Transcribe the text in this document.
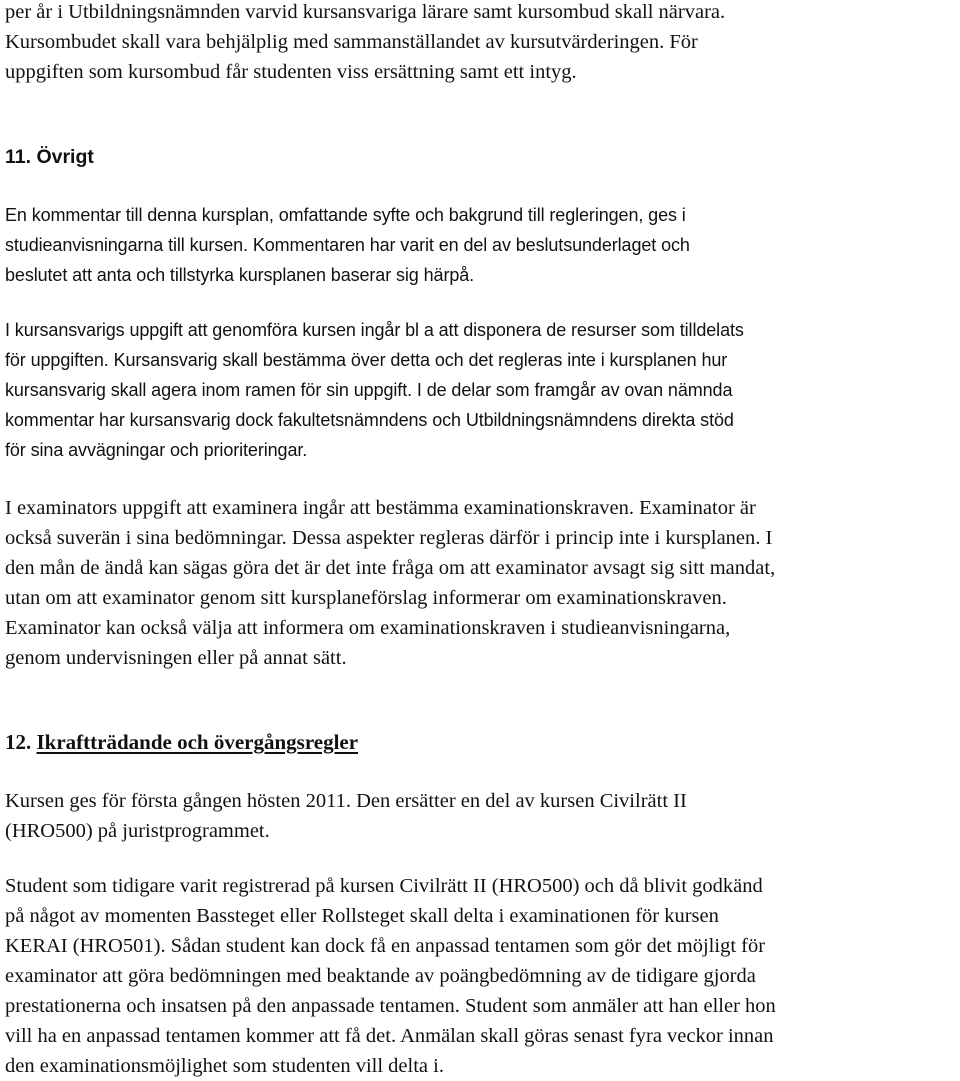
per år i Utbildningsnämnden varvid kursansvariga lärare samt kursombud skall närvara.
Kursombudet skall vara behjälplig med sammanställandet av kursutvärderingen. För
uppgiften som kursombud får studenten viss ersättning samt ett intyg.
11. Övrigt
En kommentar till denna kursplan, omfattande syfte och bakgrund till regleringen, ges i
studieanvisningarna till kursen. Kommentaren har varit en del av beslutsunderlaget och
beslutet att anta och tillstyrka kursplanen baserar sig härpå.
I kursansvarigs uppgift att genomföra kursen ingår bl a att disponera de resurser som tilldelats
för uppgiften. Kursansvarig skall bestämma över detta och det regleras inte i kursplanen hur
kursansvarig skall agera inom ramen för sin uppgift. I de delar som framgår av ovan nämnda
kommentar har kursansvarig dock fakultetsnämndens och Utbildningsnämndens direkta stöd
för sina avvägningar och prioriteringar.
I examinators uppgift att examinera ingår att bestämma examinationskraven. Examinator är
också suverän i sina bedömningar. Dessa aspekter regleras därför i princip inte i kursplanen. I
den mån de ändå kan sägas göra det är det inte fråga om att examinator avsagt sig sitt mandat,
utan om att examinator genom sitt kursplaneförslag informerar om examinationskraven.
Examinator kan också välja att informera om examinationskraven i studieanvisningarna,
genom undervisningen eller på annat sätt.
12. Ikraftträdande och övergångsregler
Kursen ges för första gången hösten 2011. Den ersätter en del av kursen Civilrätt II
(HRO500) på juristprogrammet.
Student som tidigare varit registrerad på kursen Civilrätt II (HRO500) och då blivit godkänd
på något av momenten Bassteget eller Rollsteget skall delta i examinationen för kursen
KERAI (HRO501). Sådan student kan dock få en anpassad tentamen som gör det möjligt för
examinator att göra bedömningen med beaktande av poängbedömning av de tidigare gjorda
prestationerna och insatsen på den anpassade tentamen. Student som anmäler att han eller hon
vill ha en anpassad tentamen kommer att få det. Anmälan skall göras senast fyra veckor innan
den examinationsmöjlighet som studenten vill delta i.
